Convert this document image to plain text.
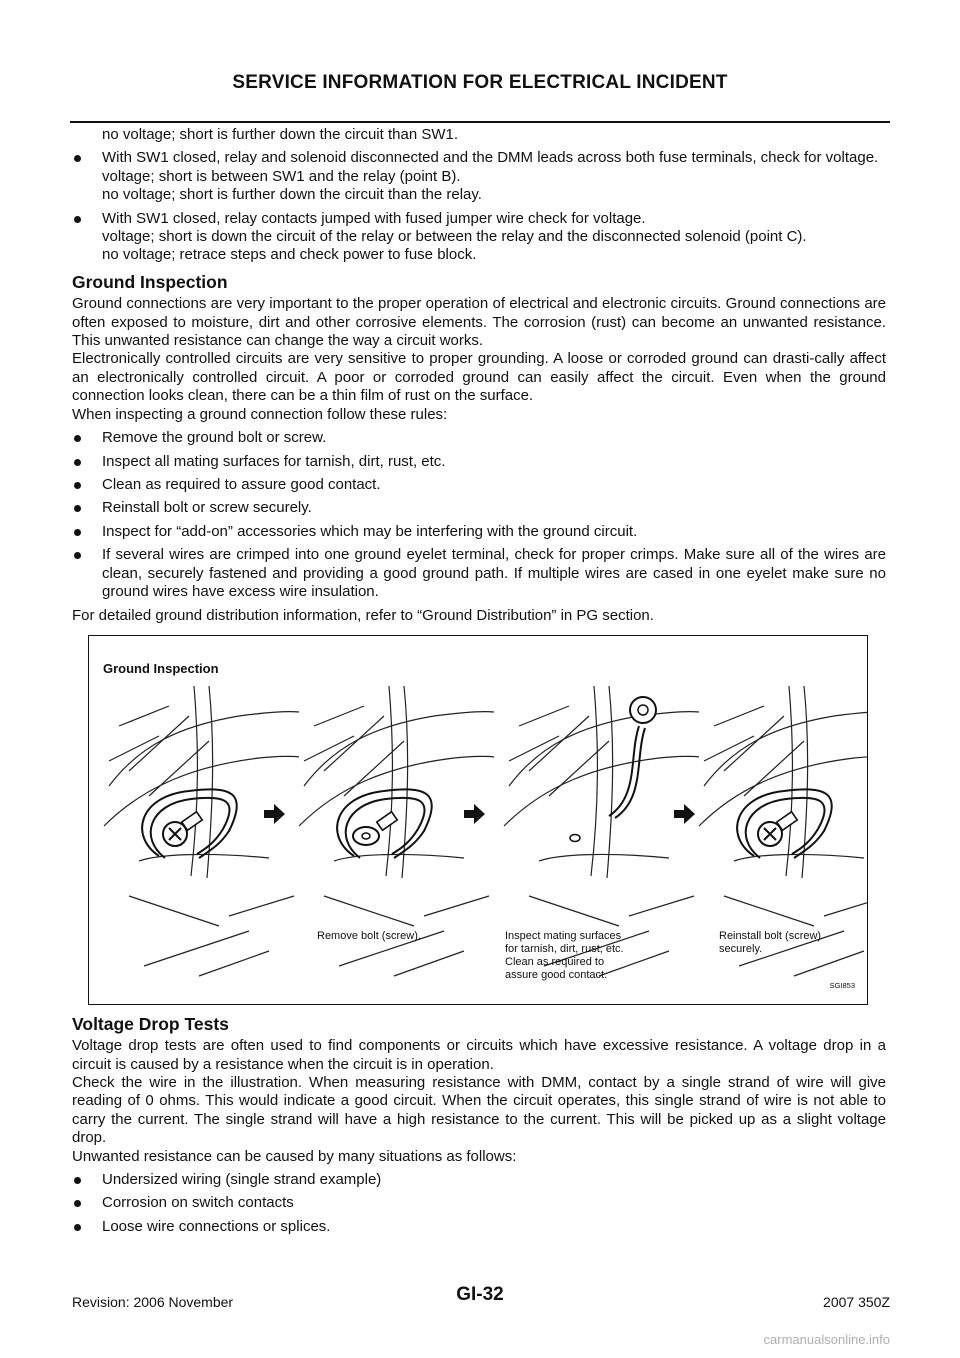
SERVICE INFORMATION FOR ELECTRICAL INCIDENT

no voltage; short is further down the circuit than SW1.

With SW1 closed, relay and solenoid disconnected and the DMM leads across both fuse terminals, check for voltage.
voltage; short is between SW1 and the relay (point B).
no voltage; short is further down the circuit than the relay.
With SW1 closed, relay contacts jumped with fused jumper wire check for voltage.
voltage; short is down the circuit of the relay or between the relay and the disconnected solenoid (point C).
no voltage; retrace steps and check power to fuse block.
Ground Inspection

Ground connections are very important to the proper operation of electrical and electronic circuits. Ground connections are often exposed to moisture, dirt and other corrosive elements. The corrosion (rust) can become an unwanted resistance. This unwanted resistance can change the way a circuit works.

Electronically controlled circuits are very sensitive to proper grounding. A loose or corroded ground can drasti-cally affect an electronically controlled circuit. A poor or corroded ground can easily affect the circuit. Even when the ground connection looks clean, there can be a thin film of rust on the surface.

When inspecting a ground connection follow these rules:

Remove the ground bolt or screw.
Inspect all mating surfaces for tarnish, dirt, rust, etc.
Clean as required to assure good contact.
Reinstall bolt or screw securely.
Inspect for “add-on” accessories which may be interfering with the ground circuit.
If several wires are crimped into one ground eyelet terminal, check for proper crimps. Make sure all of the wires are clean, securely fastened and providing a good ground path. If multiple wires are cased in one eyelet make sure no ground wires have excess wire insulation.

For detailed ground distribution information, refer to “Ground Distribution” in PG section.

Ground Inspection
Remove bolt (screw).	Inspect mating surfaces
for tarnish, dirt, rust, etc.
Clean as required to
assure good contact.
Reinstall bolt (screw)
securely.
SGI853
Voltage Drop Tests

Voltage drop tests are often used to find components or circuits which have excessive resistance. A voltage drop in a circuit is caused by a resistance when the circuit is in operation.

Check the wire in the illustration. When measuring resistance with DMM, contact by a single strand of wire will give reading of 0 ohms. This would indicate a good circuit. When the circuit operates, this single strand of wire is not able to carry the current. The single strand will have a high resistance to the current. This will be picked up as a slight voltage drop.

Unwanted resistance can be caused by many situations as follows:

Undersized wiring (single strand example)
Corrosion on switch contacts
Loose wire connections or splices.
Revision: 2006 November	GI-32	2007 350Z
carmanualsonline.info
